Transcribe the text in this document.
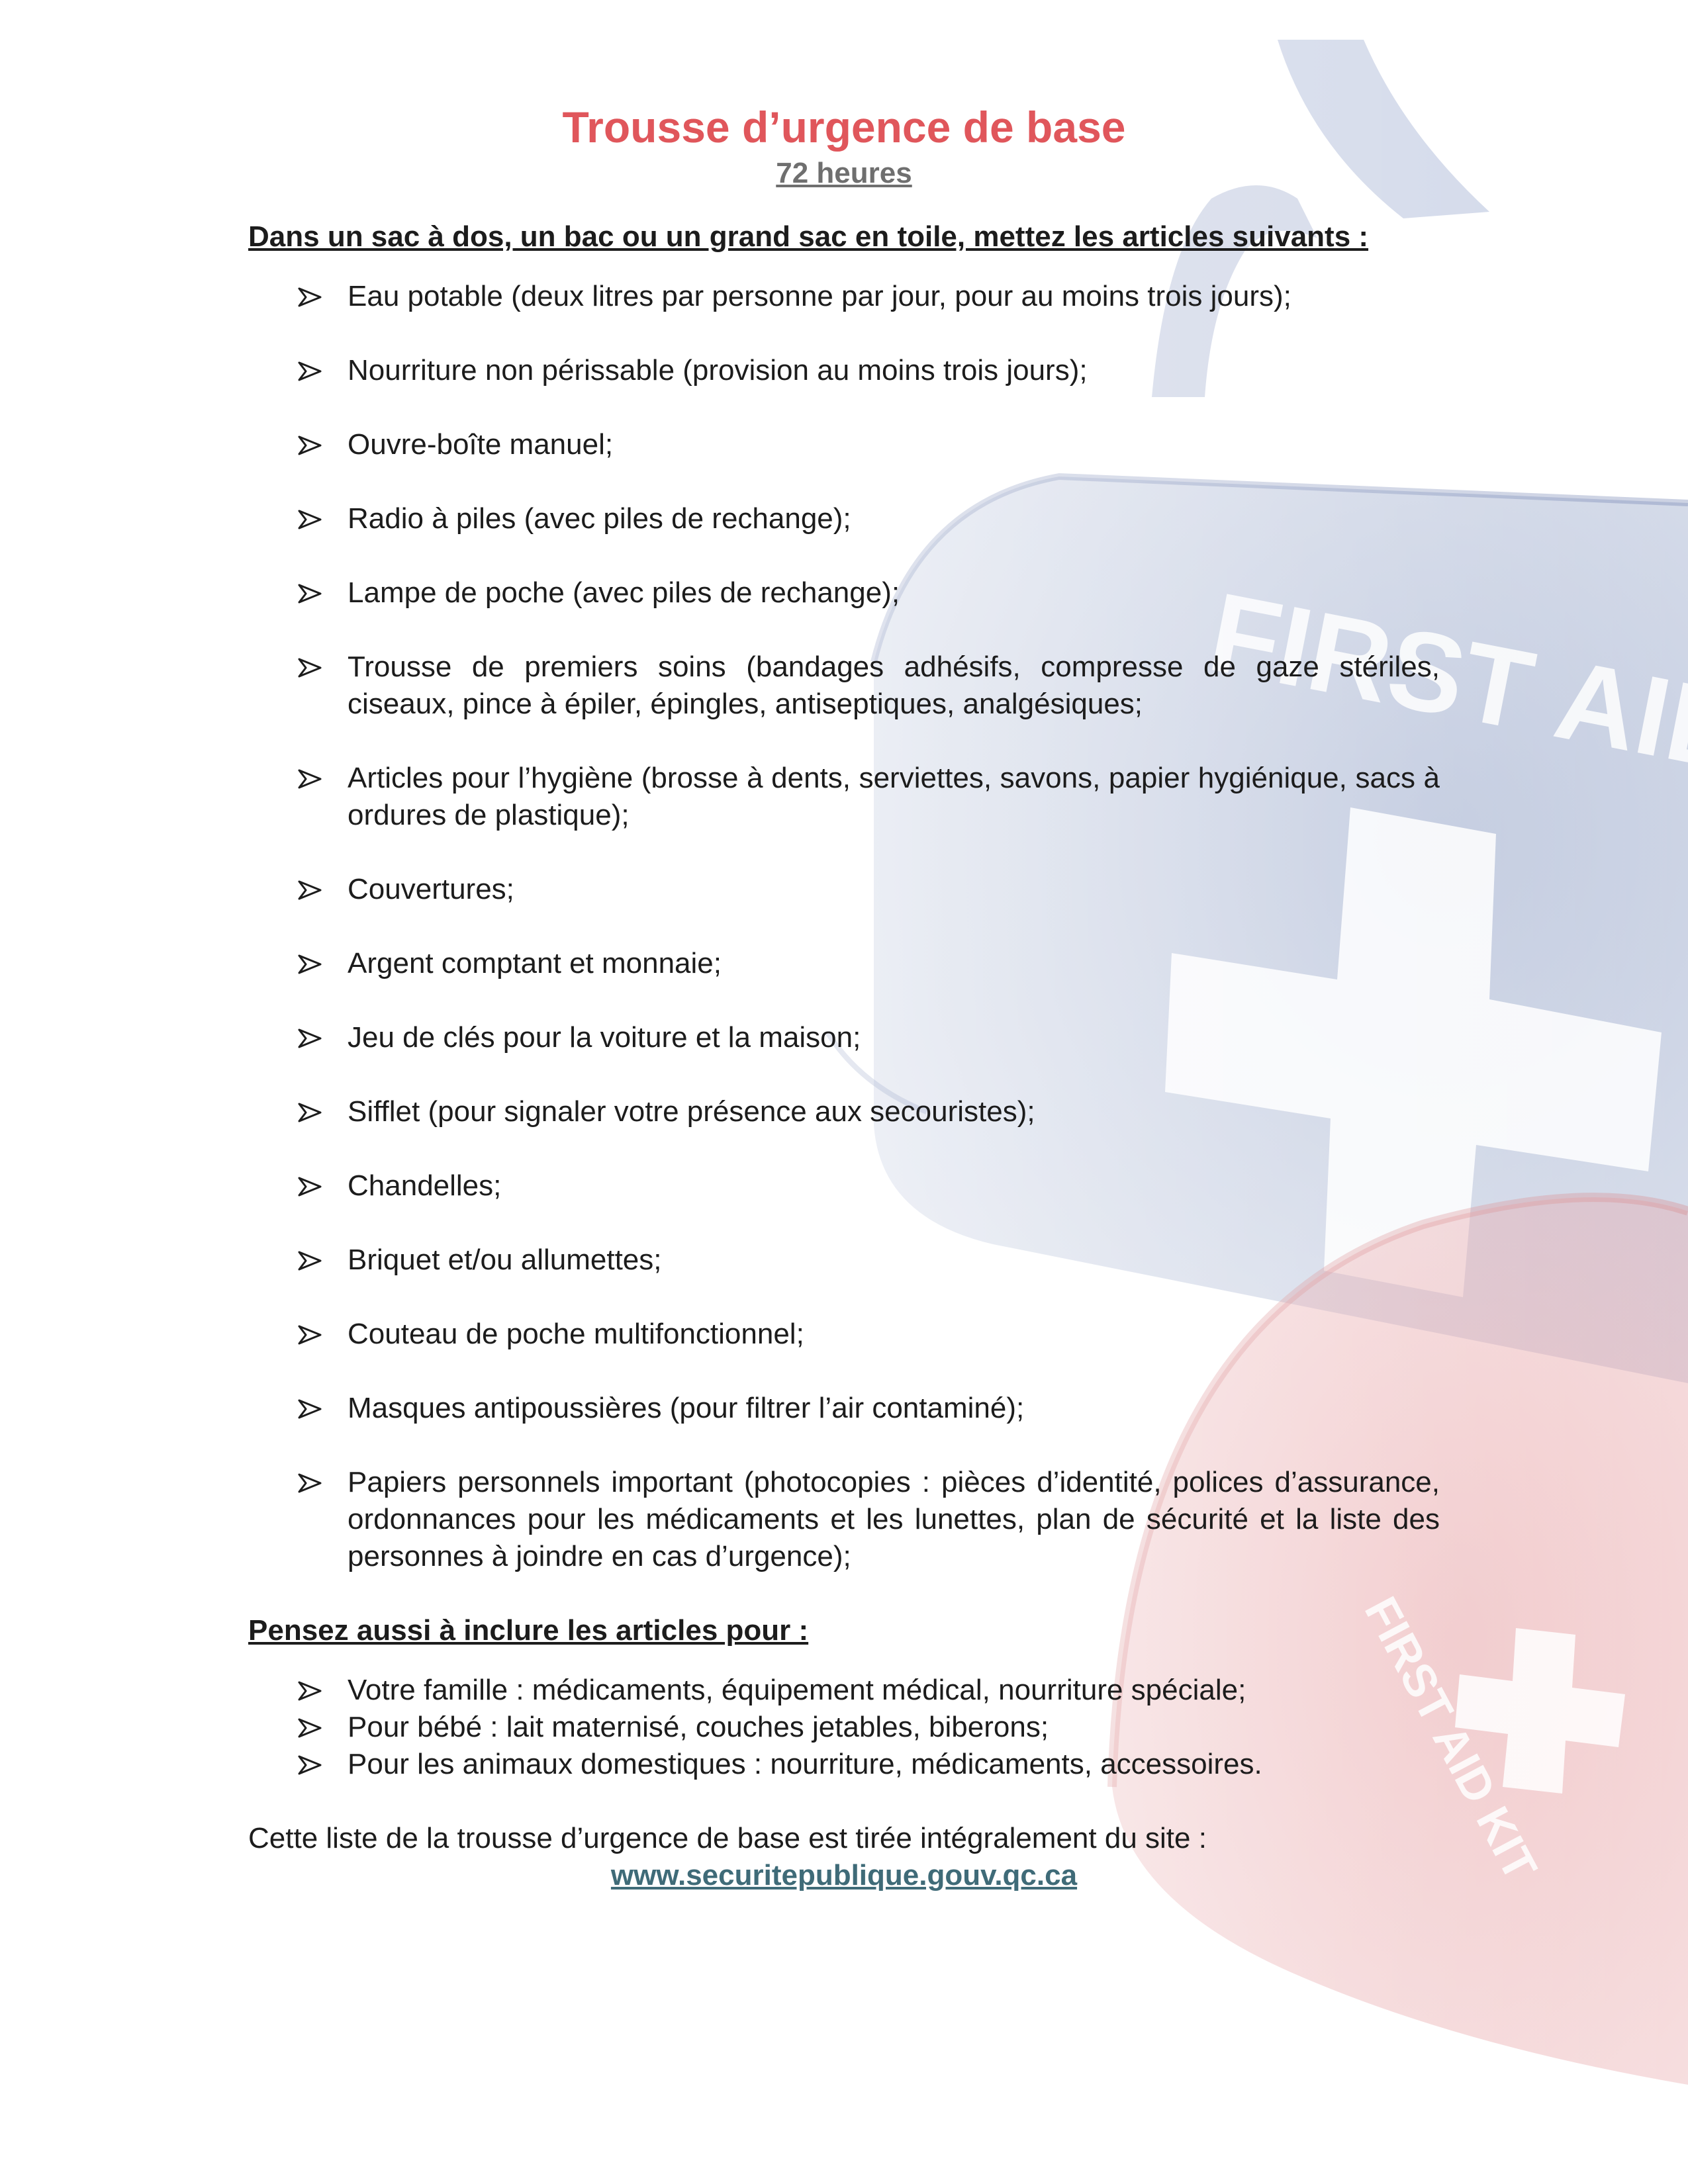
Trousse d’urgence de base

72 heures

Dans un sac à dos, un bac ou un grand sac en toile, mettez les articles suivants :

Eau potable (deux litres par personne par jour, pour au moins trois jours);
Nourriture non périssable (provision au moins trois jours);
Ouvre-boîte manuel;
Radio à piles (avec piles de rechange);
Lampe de poche (avec piles de rechange);
Trousse de premiers soins (bandages adhésifs, compresse de gaze stériles, ciseaux, pince à épiler, épingles, antiseptiques, analgésiques;
Articles pour l’hygiène (brosse à dents, serviettes, savons, papier hygiénique, sacs à ordures de plastique);
Couvertures;
Argent comptant et monnaie;
Jeu de clés pour la voiture et la maison;
Sifflet (pour signaler votre présence aux secouristes);
Chandelles;
Briquet et/ou allumettes;
Couteau de poche multifonctionnel;
Masques antipoussières (pour filtrer l’air contaminé);
Papiers personnels important (photocopies : pièces d’identité, polices d’assurance, ordonnances pour les médicaments et les lunettes, plan de sécurité et la liste des personnes à joindre en cas d’urgence);

Pensez aussi à inclure les articles pour :

Votre famille : médicaments, équipement médical, nourriture spéciale;
Pour bébé : lait maternisé, couches jetables, biberons;
Pour les animaux domestiques : nourriture, médicaments, accessoires.

Cette liste de la trousse d’urgence de base est tirée intégralement du site :

www.securitepublique.gouv.qc.ca
